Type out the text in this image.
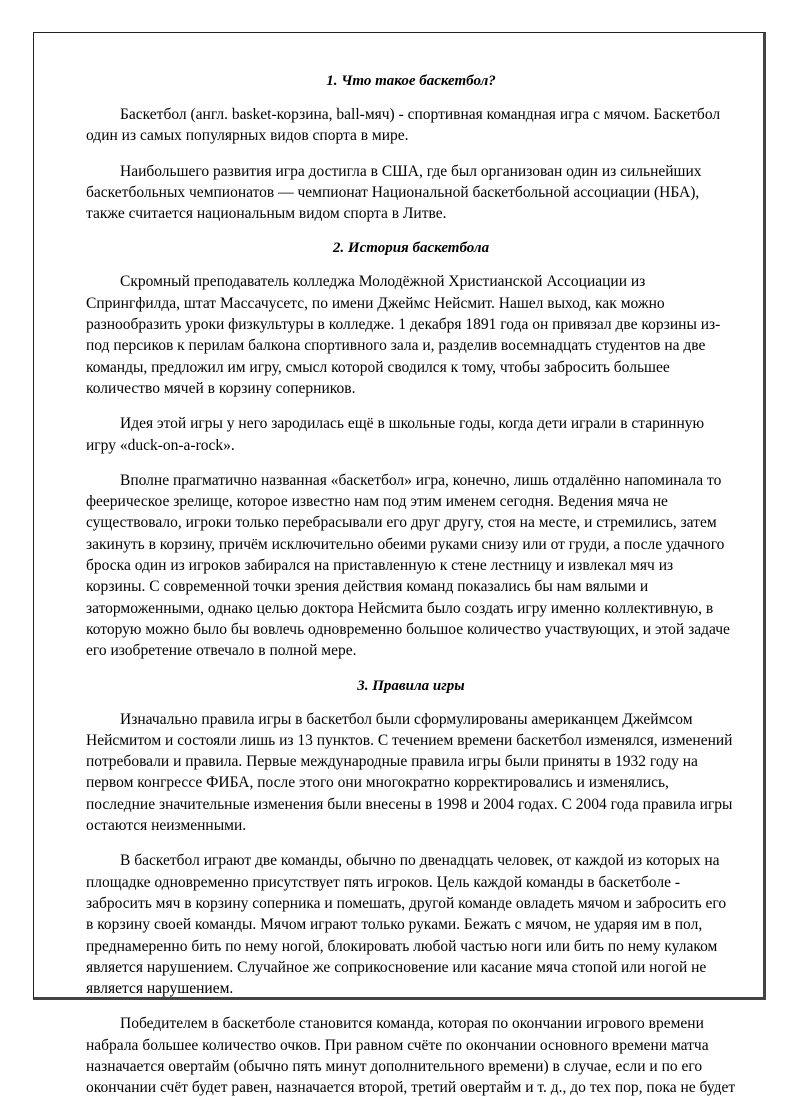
1. Что такое баскетбол?

Баскетбол (англ. basket-корзина, ball-мяч) - спортивная командная игра с мячом. Баскетбол один из самых популярных видов спорта в мире.

Наибольшего развития игра достигла в США, где был организован один из сильнейших баскетбольных чемпионатов — чемпионат Национальной баскетбольной ассоциации (НБА), также считается национальным видом спорта в Литве.

2. История баскетбола

Скромный преподаватель колледжа Молодёжной Христианской Ассоциации из Спрингфилда, штат Массачусетс, по имени Джеймс Нейсмит. Нашел выход, как можно разнообразить уроки физкультуры в колледже. 1 декабря 1891 года он привязал две корзины из-под персиков к перилам балкона спортивного зала и, разделив восемнадцать студентов на две команды, предложил им игру, смысл которой сводился к тому, чтобы забросить большее количество мячей в корзину соперников.

Идея этой игры у него зародилась ещё в школьные годы, когда дети играли в старинную игру «duck-on-a-rock».

Вполне прагматично названная «баскетбол» игра, конечно, лишь отдалённо напоминала то феерическое зрелище, которое известно нам под этим именем сегодня. Ведения мяча не существовало, игроки только перебрасывали его друг другу, стоя на месте, и стремились, затем закинуть в корзину, причём исключительно обеими руками снизу или от груди, а после удачного броска один из игроков забирался на приставленную к стене лестницу и извлекал мяч из корзины. С современной точки зрения действия команд показались бы нам вялыми и заторможенными, однако целью доктора Нейсмита было создать игру именно коллективную, в которую можно было бы вовлечь одновременно большое количество участвующих, и этой задаче его изобретение отвечало в полной мере.

3. Правила игры

Изначально правила игры в баскетбол были сформулированы американцем Джеймсом Нейсмитом и состояли лишь из 13 пунктов. С течением времени баскетбол изменялся, изменений потребовали и правила. Первые международные правила игры были приняты в 1932 году на первом конгрессе ФИБА, после этого они многократно корректировались и изменялись, последние значительные изменения были внесены в 1998 и 2004 годах. С 2004 года правила игры остаются неизменными.

В баскетбол играют две команды, обычно по двенадцать человек, от каждой из которых на площадке одновременно присутствует пять игроков. Цель каждой команды в баскетболе - забросить мяч в корзину соперника и помешать, другой команде овладеть мячом и забросить его в корзину своей команды. Мячом играют только руками. Бежать с мячом, не ударяя им в пол, преднамеренно бить по нему ногой, блокировать любой частью ноги или бить по нему кулаком является нарушением. Случайное же соприкосновение или касание мяча стопой или ногой не является нарушением.

Победителем в баскетболе становится команда, которая по окончании игрового времени набрала большее количество очков. При равном счёте по окончании основного времени матча назначается овертайм (обычно пять минут дополнительного времени) в случае, если и по его окончании счёт будет равен, назначается второй, третий овертайм и т. д., до тех пор, пока не будет
